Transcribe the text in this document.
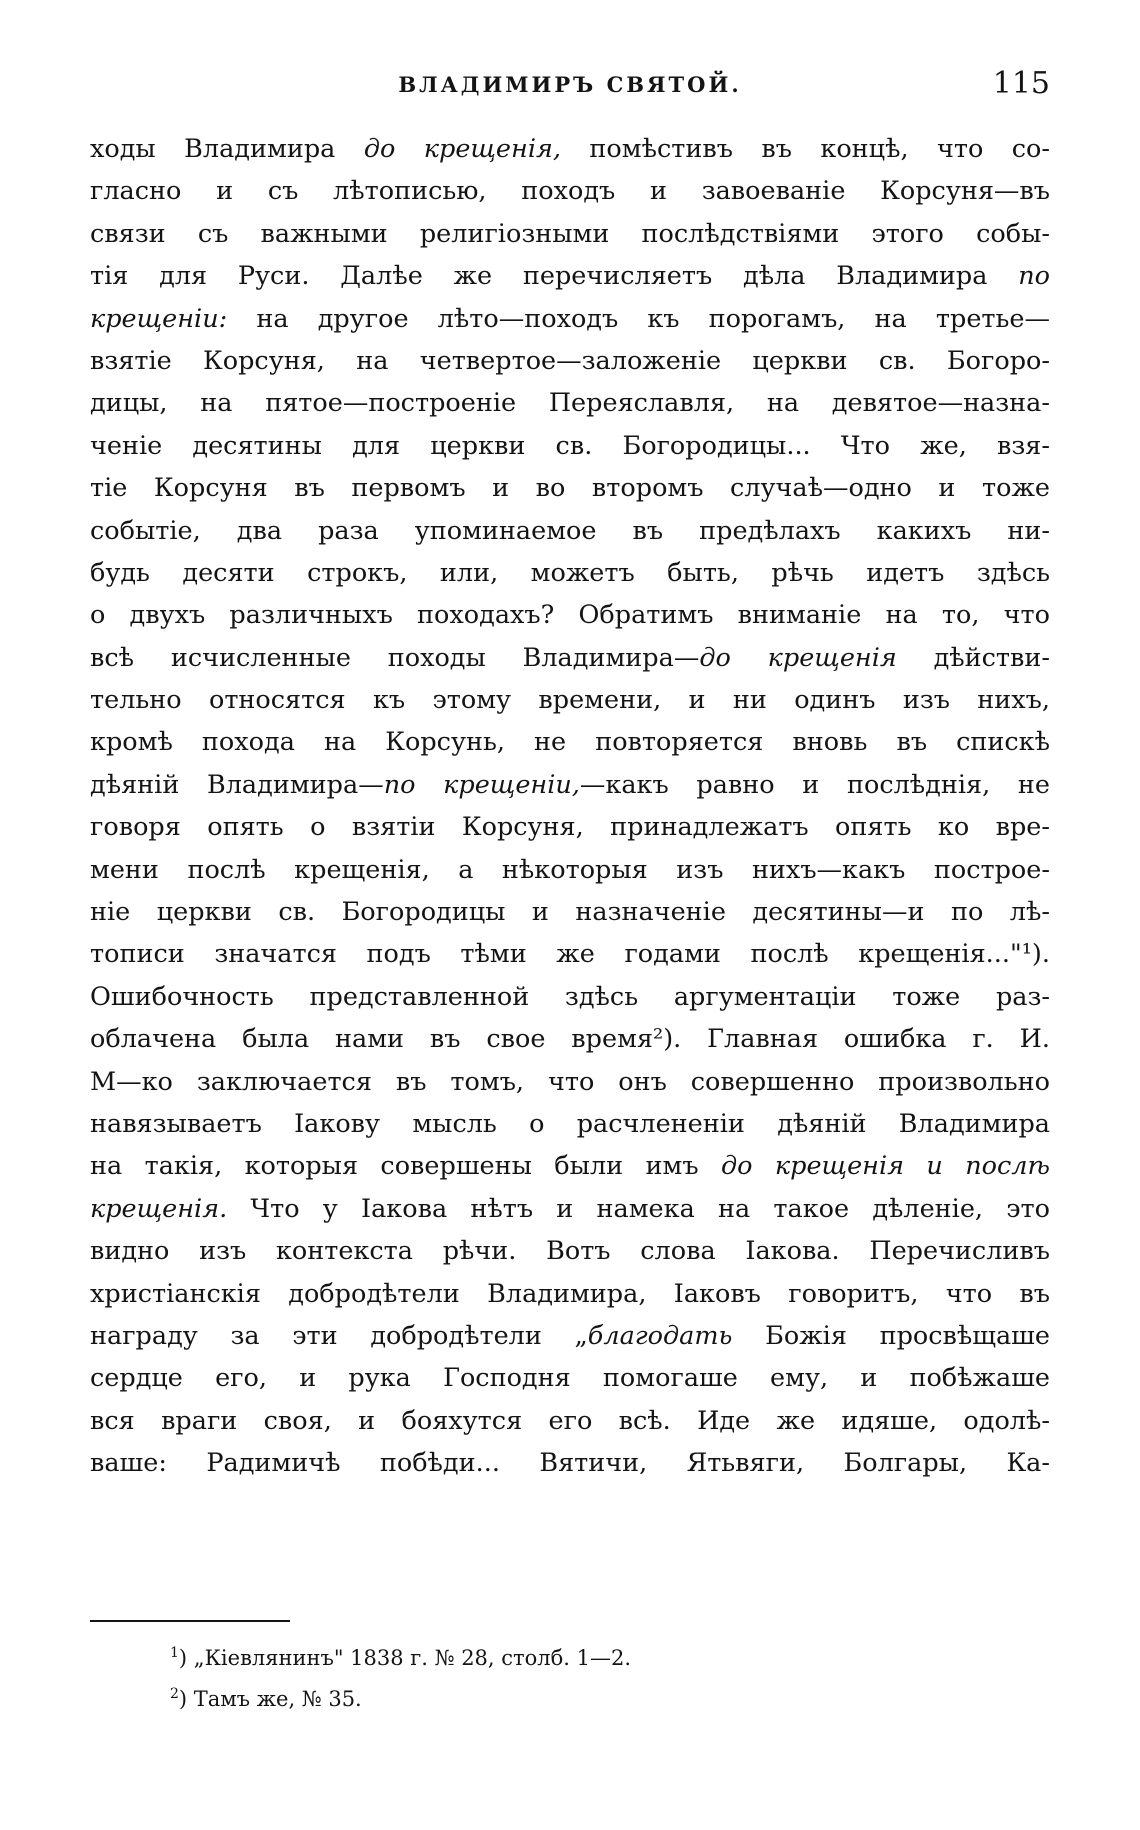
ВЛАДИМИРЪ СВЯТОЙ.	115
ходы Владимира до крещенія, помѣстивъ въ концѣ, что со-
гласно и съ лѣтописью, походъ и завоеваніе Корсуня—въ
связи съ важными религіозными послѣдствіями этого собы-
тія для Руси. Далѣе же перечисляетъ дѣла Владимира по
крещеніи: на другое лѣто—походъ къ порогамъ, на третье—
взятіе Корсуня, на четвертое—заложеніе церкви св. Богоро-
дицы, на пятое—построеніе Переяславля, на девятое—назна-
ченіе десятины для церкви св. Богородицы... Что же, взя-
тіе Корсуня въ первомъ и во второмъ случаѣ—одно и тоже
событіе, два раза упоминаемое въ предѣлахъ какихъ ни-
будь десяти строкъ, или, можетъ быть, рѣчь идетъ здѣсь
о двухъ различныхъ походахъ? Обратимъ вниманіе на то, что
всѣ исчисленные походы Владимира—до крещенія дѣйстви-
тельно относятся къ этому времени, и ни одинъ изъ нихъ,
кромѣ похода на Корсунь, не повторяется вновь въ спискѣ
дѣяній Владимира—по крещеніи,—какъ равно и послѣднія, не
говоря опять о взятіи Корсуня, принадлежатъ опять ко вре-
мени послѣ крещенія, а нѣкоторыя изъ нихъ—какъ построе-
ніе церкви св. Богородицы и назначеніе десятины—и по лѣ-
тописи значатся подъ тѣми же годами послѣ крещенія..."¹).
Ошибочность представленной здѣсь аргументаціи тоже раз-
облачена была нами въ свое время²). Главная ошибка г. И.
М—ко заключается въ томъ, что онъ совершенно произвольно
навязываетъ Іакову мысль о расчлененіи дѣяній Владимира
на такія, которыя совершены были имъ до крещенія и послѣ
крещенія. Что у Іакова нѣтъ и намека на такое дѣленіе, это
видно изъ контекста рѣчи. Вотъ слова Іакова. Перечисливъ
христіанскія добродѣтели Владимира, Іаковъ говоритъ, что въ
награду за эти добродѣтели „благодать Божія просвѣщаше
сердце его, и рука Господня помогаше ему, и побѣжаше
вся враги своя, и бояхутся его всѣ. Иде же идяше, одолѣ-
ваше: Радимичѣ побѣди... Вятичи, Ятьвяги, Болгары, Ка-
$^1$) „Кіевлянинъ" 1838 г. № 28, столб. 1—2.
$^2$) Тамъ же, № 35.
